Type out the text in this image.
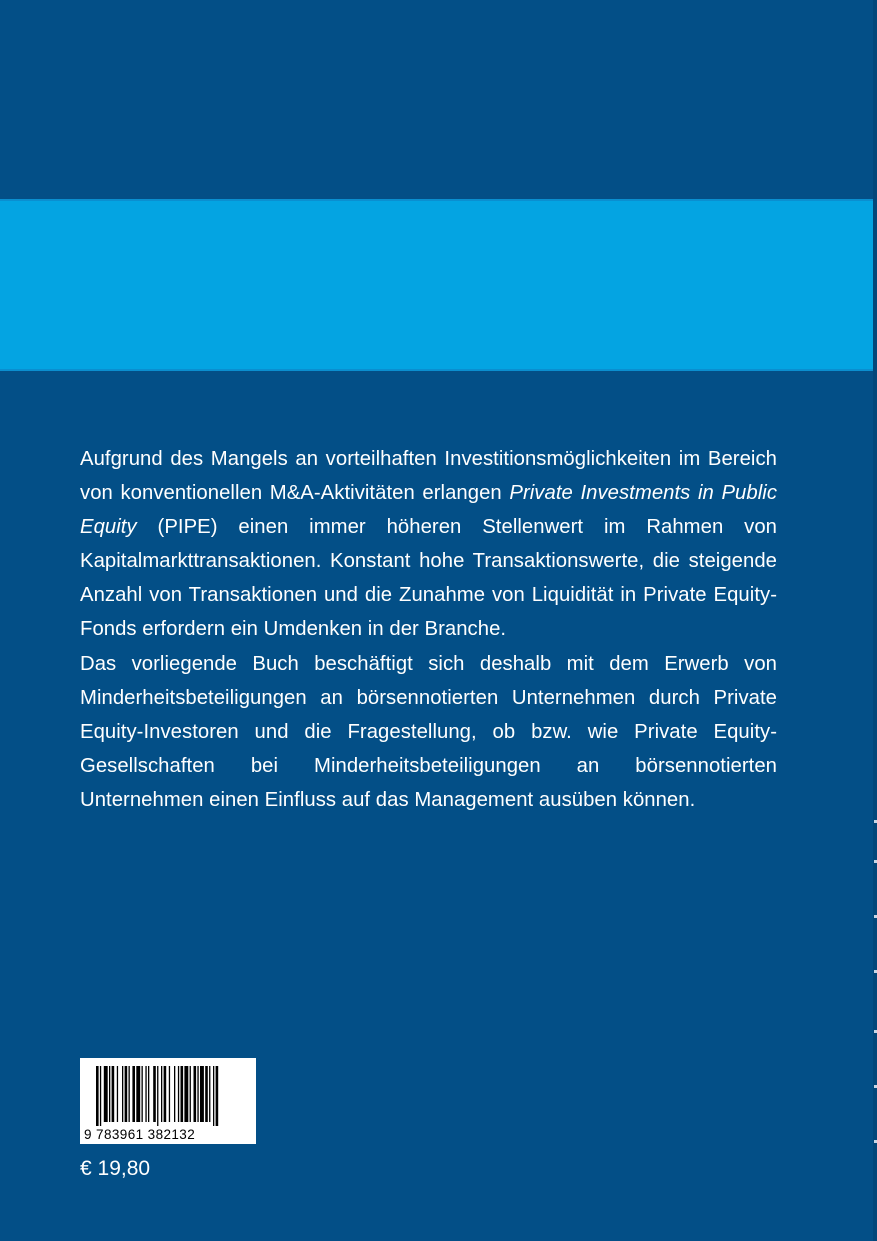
Aufgrund des Mangels an vorteilhaften Investitionsmöglichkeiten im Bereich von konventionellen M&A-Aktivitäten erlangen Private Investments in Public Equity (PIPE) einen immer höheren Stellenwert im Rahmen von Kapitalmarkttransaktionen. Konstant hohe Transaktionswerte, die steigende Anzahl von Transaktionen und die Zunahme von Liquidität in Private Equity-Fonds erfordern ein Umdenken in der Branche.

Das vorliegende Buch beschäftigt sich deshalb mit dem Erwerb von Minderheitsbeteiligungen an börsennotierten Unternehmen durch Private Equity-Investoren und die Fragestellung, ob bzw. wie Private Equity-Gesellschaften bei Minderheitsbeteiligungen an börsennotierten Unternehmen einen Einfluss auf das Management ausüben können.

9 783961 382132
€ 19,80
